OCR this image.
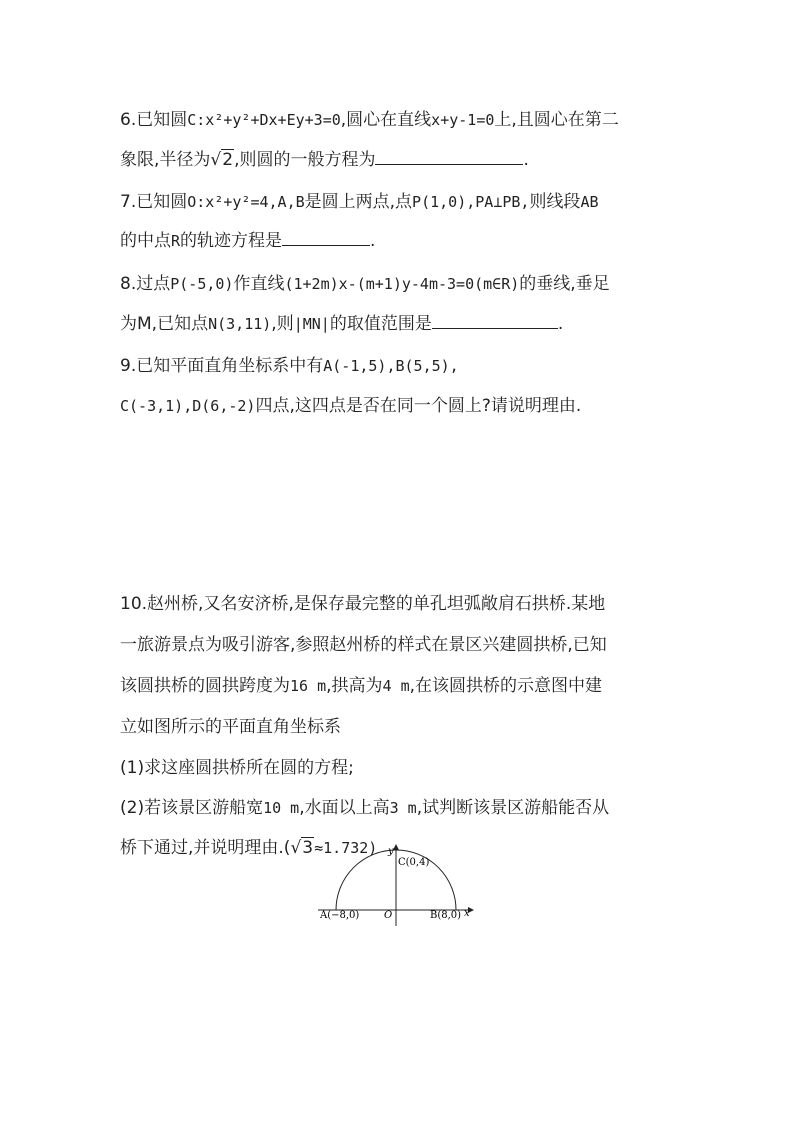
6.已知圆C:x²+y²+Dx+Ey+3=0,圆心在直线x+y-1=0上,且圆心在第二
象限,半径为√2,则圆的一般方程为	.
7.已知圆O:x²+y²=4,A,B是圆上两点,点P(1,0),PA⊥PB,则线段AB
的中点R的轨迹方程是	.
8.过点P(-5,0)作直线(1+2m)x-(m+1)y-4m-3=0(m∈R)的垂线,垂足
为M,已知点N(3,11),则|MN|的取值范围是	.
9.已知平面直角坐标系中有A(-1,5),B(5,5),
C(-3,1),D(6,-2)四点,这四点是否在同一个圆上?请说明理由.
10.赵州桥,又名安济桥,是保存最完整的单孔坦弧敞肩石拱桥.某地
一旅游景点为吸引游客,参照赵州桥的样式在景区兴建圆拱桥,已知
该圆拱桥的圆拱跨度为16 m,拱高为4 m,在该圆拱桥的示意图中建
立如图所示的平面直角坐标系
(1)求这座圆拱桥所在圆的方程;
(2)若该景区游船宽10 m,水面以上高3 m,试判断该景区游船能否从
桥下通过,并说明理由.(√3≈1.732) y
x
C(0,4)
O
A(−8,0)	B(8,0)
